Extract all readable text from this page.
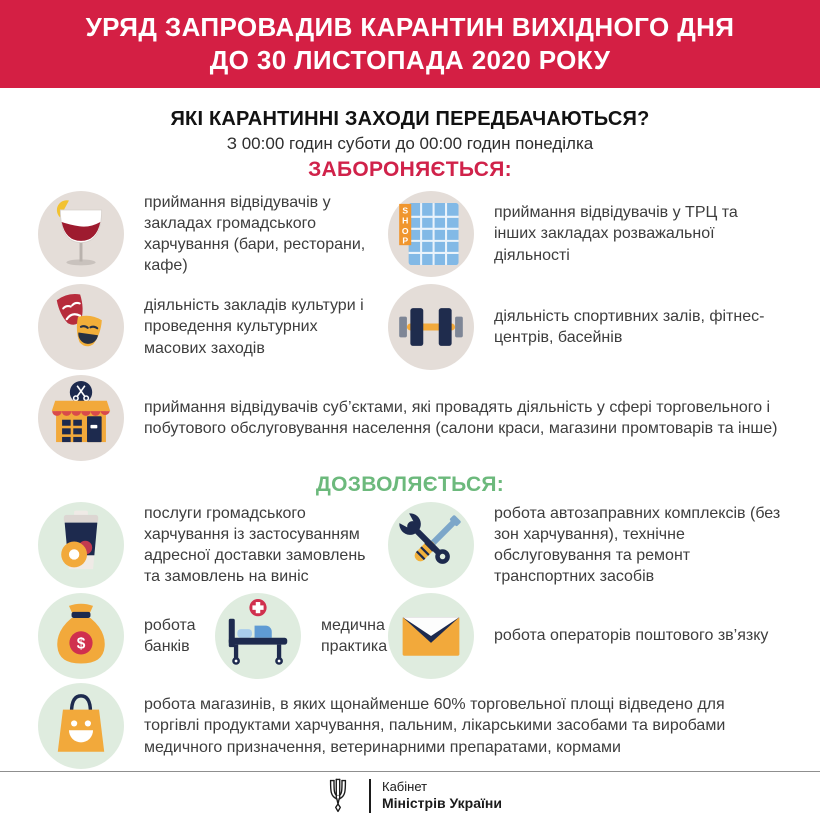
УРЯД ЗАПРОВАДИВ КАРАНТИН ВИХІДНОГО ДНЯ
ДО 30 ЛИСТОПАДА 2020 РОКУ
ЯКІ КАРАНТИННІ ЗАХОДИ ПЕРЕДБАЧАЮТЬСЯ?
З 00:00 годин суботи до 00:00 годин понеділка
ЗАБОРОНЯЄТЬСЯ:
приймання відвідувачів у закладах громадського харчування (бари, ресторани, кафе)
S
H
O
P
приймання відвідувачів у ТРЦ та інших закладах розважальної діяльності
діяльність закладів культури і проведення культурних масових заходів
діяльність спортивних залів, фітнес-центрів, басейнів
приймання відвідувачів суб’єктами, які провадять діяльність у сфері торговельного і побутового обслуговування населення (салони краси, магазини промтоварів та інше)
ДОЗВОЛЯЄТЬСЯ:
послуги громадського харчування із застосуванням адресної доставки замовлень та замовлень на виніс
робота автозаправних комплексів (без зон харчування), технічне обслуговування та ремонт транспортних засобів
$
робота банків
медична практика
робота операторів поштового зв’язку
робота магазинів, в яких щонайменше 60% торговельної площі відведено для торгівлі продуктами харчування, пальним, лікарськими засобами та виробами медичного призначення, ветеринарними препаратами, кормами
Кабінет
Міністрів України
